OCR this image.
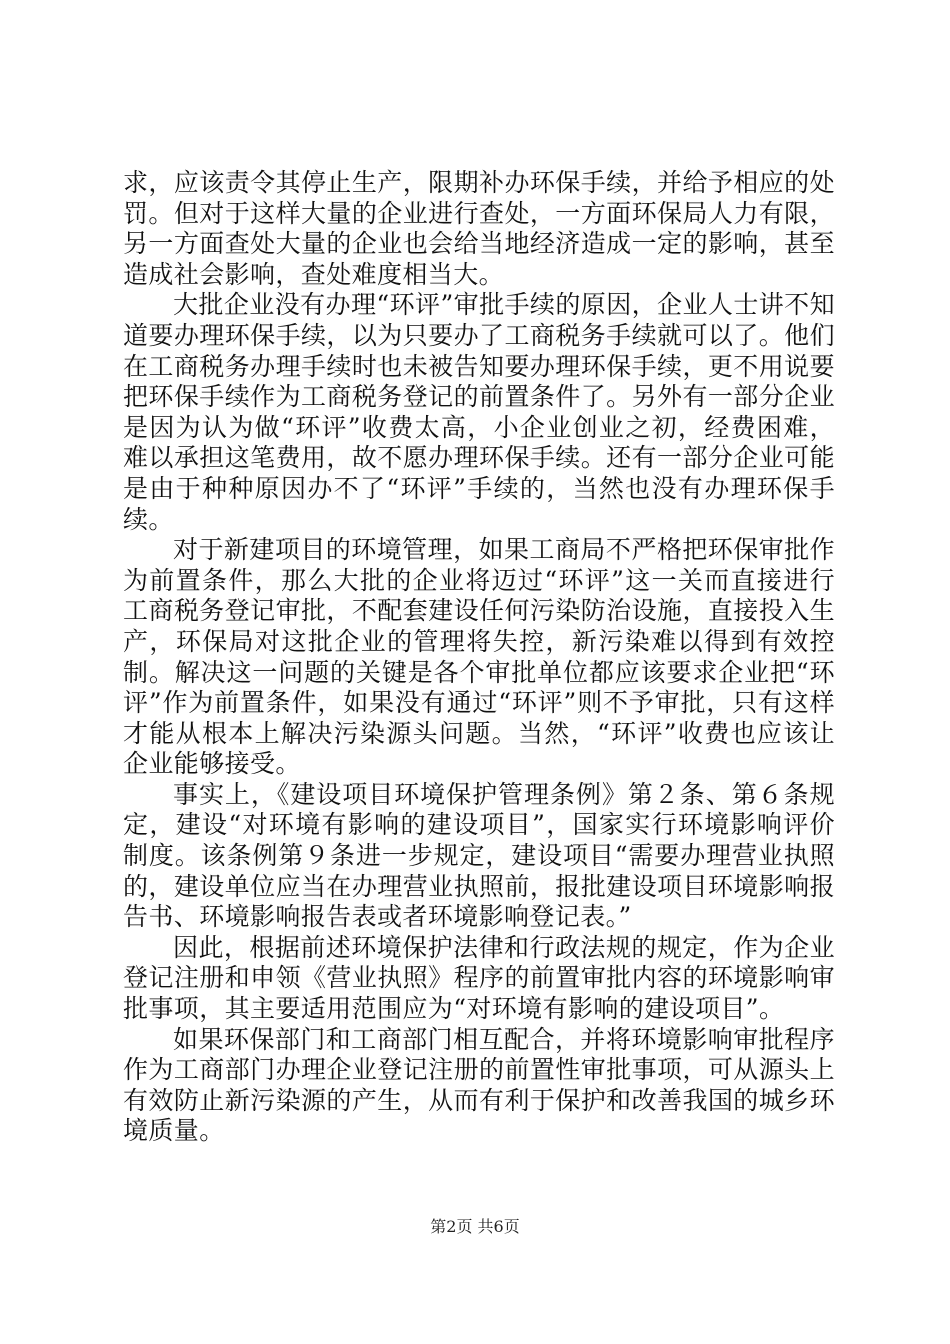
求，应该责令其停止生产，限期补办环保手续，并给予相应的处罚。但对于这样大量的企业进行查处，一方面环保局人力有限，另一方面查处大量的企业也会给当地经济造成一定的影响，甚至造成社会影响，查处难度相当大。

大批企业没有办理“环评”审批手续的原因，企业人士讲不知道要办理环保手续，以为只要办了工商税务手续就可以了。他们在工商税务办理手续时也未被告知要办理环保手续，更不用说要把环保手续作为工商税务登记的前置条件了。另外有一部分企业是因为认为做“环评”收费太高，小企业创业之初，经费困难，难以承担这笔费用，故不愿办理环保手续。还有一部分企业可能是由于种种原因办不了“环评”手续的，当然也没有办理环保手续。

对于新建项目的环境管理，如果工商局不严格把环保审批作为前置条件，那么大批的企业将迈过“环评”这一关而直接进行工商税务登记审批，不配套建设任何污染防治设施，直接投入生产，环保局对这批企业的管理将失控，新污染难以得到有效控制。解决这一问题的关键是各个审批单位都应该要求企业把“环评”作为前置条件，如果没有通过“环评”则不予审批，只有这样才能从根本上解决污染源头问题。当然，“环评”收费也应该让企业能够接受。

事实上，《建设项目环境保护管理条例》第２条、第６条规定，建设“对环境有影响的建设项目”，国家实行环境影响评价制度。该条例第９条进一步规定，建设项目“需要办理营业执照的，建设单位应当在办理营业执照前，报批建设项目环境影响报告书、环境影响报告表或者环境影响登记表。”

因此，根据前述环境保护法律和行政法规的规定，作为企业登记注册和申领《营业执照》程序的前置审批内容的环境影响审批事项，其主要适用范围应为“对环境有影响的建设项目”。

如果环保部门和工商部门相互配合，并将环境影响审批程序作为工商部门办理企业登记注册的前置性审批事项，可从源头上有效防止新污染源的产生，从而有利于保护和改善我国的城乡环境质量。

第2页 共6页
